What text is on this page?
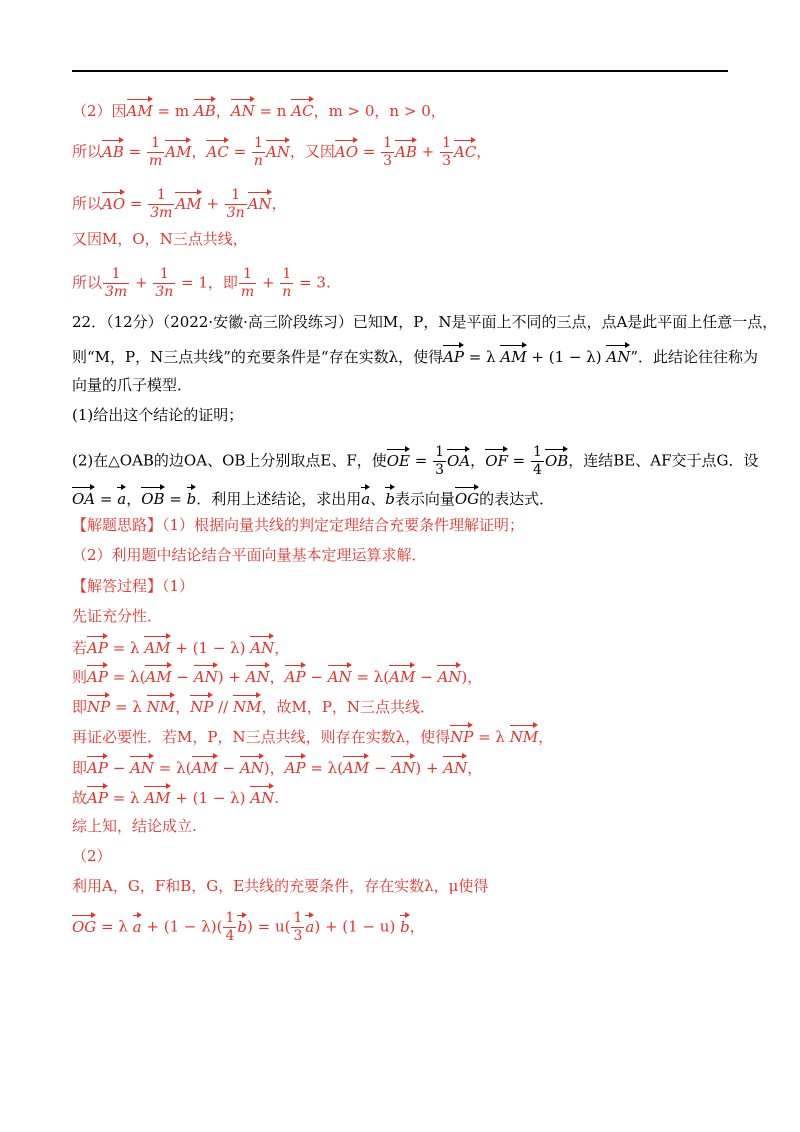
（2）因AM = m AB，AN = n AC，m > 0，n > 0，
所以AB = $\frac{1}{m}$ AM，AC = $\frac{1}{n}$ AN，又因AO = $\frac{1}{3}$ AB + $\frac{1}{3}$ AC，
所以AO = $\frac{1}{3m}$ AM + $\frac{1}{3n}$ AN，
又因M，O，N三点共线，
所以 $\frac{1}{3m} + \frac{1}{3n} = 1$，即 $\frac{1}{m} + \frac{1}{n} = 3$.
22．（12分）（2022·安徽·高三阶段练习）已知M，P，N是平面上不同的三点，点A是此平面上任意一点，
则“M，P，N三点共线”的充要条件是“存在实数λ，使得AP = λ AM + (1 − λ) AN”．此结论往往称为
向量的爪子模型．
(1)给出这个结论的证明；
(2)在△OAB的边OA、OB上分别取点E、F，使OE = $\frac{1}{3}$ OA，OF = $\frac{1}{4}$ OB，连结BE、AF交于点G．设
OA = a，OB = b．利用上述结论，求出用a、b表示向量OG的表达式．
【解题思路】（1）根据向量共线的判定定理结合充要条件理解证明；
（2）利用题中结论结合平面向量基本定理运算求解．
【解答过程】（1）
先证充分性．
若AP = λ AM + (1 − λ) AN，
则AP = λ(AM − AN) + AN，AP − AN = λ(AM − AN)，
即NP = λ NM，NP // NM，故M，P，N三点共线．
再证必要性．若M，P，N三点共线，则存在实数λ，使得NP = λ NM，
即AP − AN = λ(AM − AN)，AP = λ(AM − AN) + AN，
故AP = λ AM + (1 − λ) AN.
综上知，结论成立.
（2）
利用A，G，F和B，G，E共线的充要条件，存在实数λ，μ使得
OG = λ $a + (1 - \lambda)( \frac{1}{4} b) = u( \frac{1}{3} a) + (1 - u)$ b，
